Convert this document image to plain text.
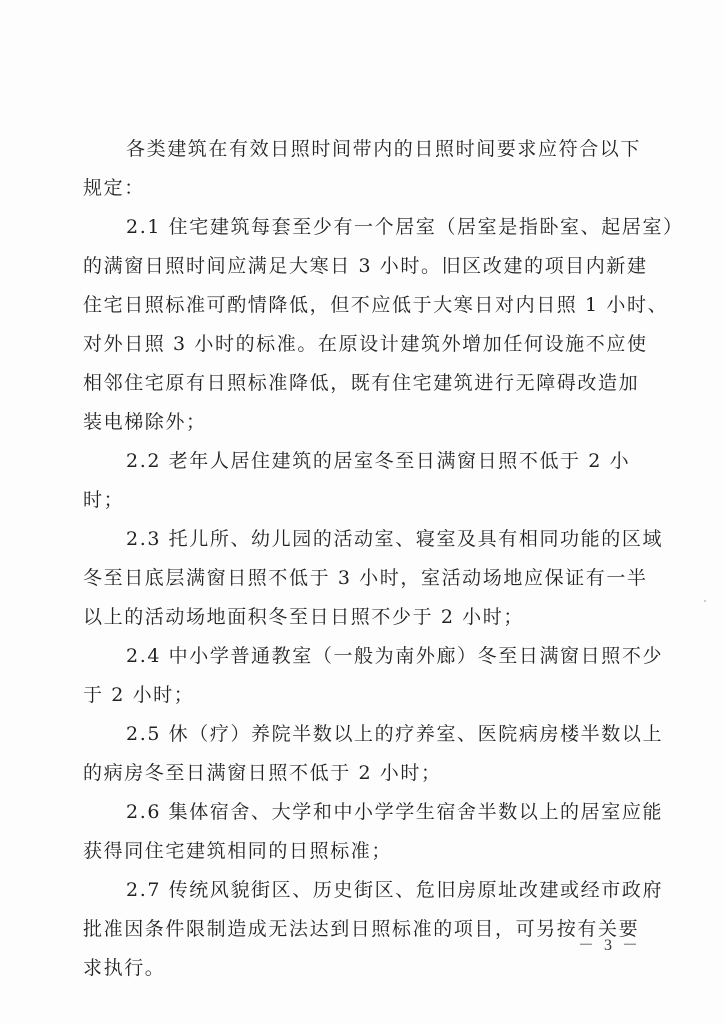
各类建筑在有效日照时间带内的日照时间要求应符合以下
规定：
2.1 住宅建筑每套至少有一个居室（居室是指卧室、起居室）
的满窗日照时间应满足大寒日 3 小时。旧区改建的项目内新建
住宅日照标准可酌情降低，但不应低于大寒日对内日照 1 小时、
对外日照 3 小时的标准。在原设计建筑外增加任何设施不应使
相邻住宅原有日照标准降低，既有住宅建筑进行无障碍改造加
装电梯除外；
2.2 老年人居住建筑的居室冬至日满窗日照不低于 2 小
时；
2.3 托儿所、幼儿园的活动室、寝室及具有相同功能的区域
冬至日底层满窗日照不低于 3 小时，室活动场地应保证有一半
以上的活动场地面积冬至日日照不少于 2 小时；
2.4 中小学普通教室（一般为南外廊）冬至日满窗日照不少
于 2 小时；
2.5 休（疗）养院半数以上的疗养室、医院病房楼半数以上
的病房冬至日满窗日照不低于 2 小时；
2.6 集体宿舍、大学和中小学学生宿舍半数以上的居室应能
获得同住宅建筑相同的日照标准；
2.7 传统风貌街区、历史街区、危旧房原址改建或经市政府
批准因条件限制造成无法达到日照标准的项目，可另按有关要
求执行。
－ 3 －
